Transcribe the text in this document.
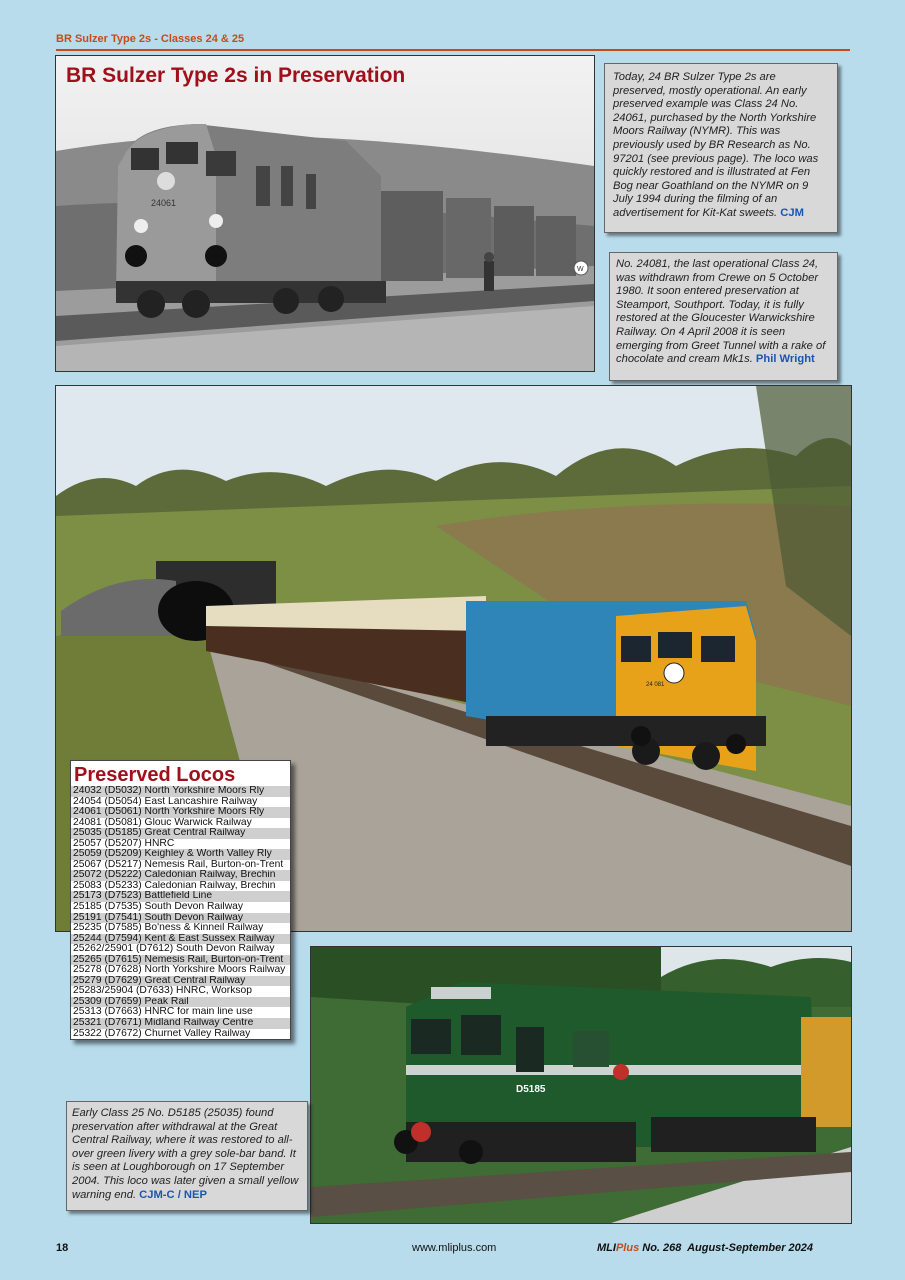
BR Sulzer Type 2s - Classes 24 & 25
24061
W
BR Sulzer Type 2s in Preservation	Today, 24 BR Sulzer Type 2s are preserved, mostly operational. An early preserved example was Class 24 No. 24061, purchased by the North Yorkshire Moors Railway (NYMR). This was previously used by BR Research as No. 97201 (see previous page). The loco was quickly restored and is illustrated at Fen Bog near Goathland on the NYMR on 9 July 1994 during the filming of an advertisement for Kit-Kat sweets. CJM
No. 24081, the last operational Class 24, was withdrawn from Crewe on 5 October 1980. It soon entered preservation at Steamport, Southport. Today, it is fully restored at the Gloucester Warwickshire Railway. On 4 April 2008 it is seen emerging from Greet Tunnel with a rake of chocolate and cream Mk1s. Phil Wright
24 081
Preserved Locos
24032 (D5032) North Yorkshire Moors Rly
24054 (D5054) East Lancashire Railway
24061 (D5061) North Yorkshire Moors Rly
24081 (D5081) Glouc Warwick Railway
25035 (D5185) Great Central Railway
25057 (D5207) HNRC
25059 (D5209) Keighley & Worth Valley Rly
25067 (D5217) Nemesis Rail, Burton-on-Trent
25072 (D5222) Caledonian Railway, Brechin
25083 (D5233) Caledonian Railway, Brechin
25173 (D7523) Battlefield Line
25185 (D7535) South Devon Railway
25191 (D7541) South Devon Railway
25235 (D7585) Bo'ness & Kinneil Railway
25244 (D7594) Kent & East Sussex Railway
25262/25901 (D7612) South Devon Railway
25265 (D7615) Nemesis Rail, Burton-on-Trent
25278 (D7628) North Yorkshire Moors Railway
25279 (D7629) Great Central Railway
25283/25904 (D7633) HNRC, Worksop
25309 (D7659) Peak Rail
25313 (D7663) HNRC for main line use
25321 (D7671) Midland Railway Centre
25322 (D7672) Churnet Valley Railway
D5185
Early Class 25 No. D5185 (25035) found preservation after withdrawal at the Great Central Railway, where it was restored to all-over green livery with a grey sole-bar band. It is seen at Loughborough on 17 September 2004. This loco was later given a small yellow warning end. CJM-C / NEP
18	www.mliplus.com	MLIPlus No. 268  August-September 2024
